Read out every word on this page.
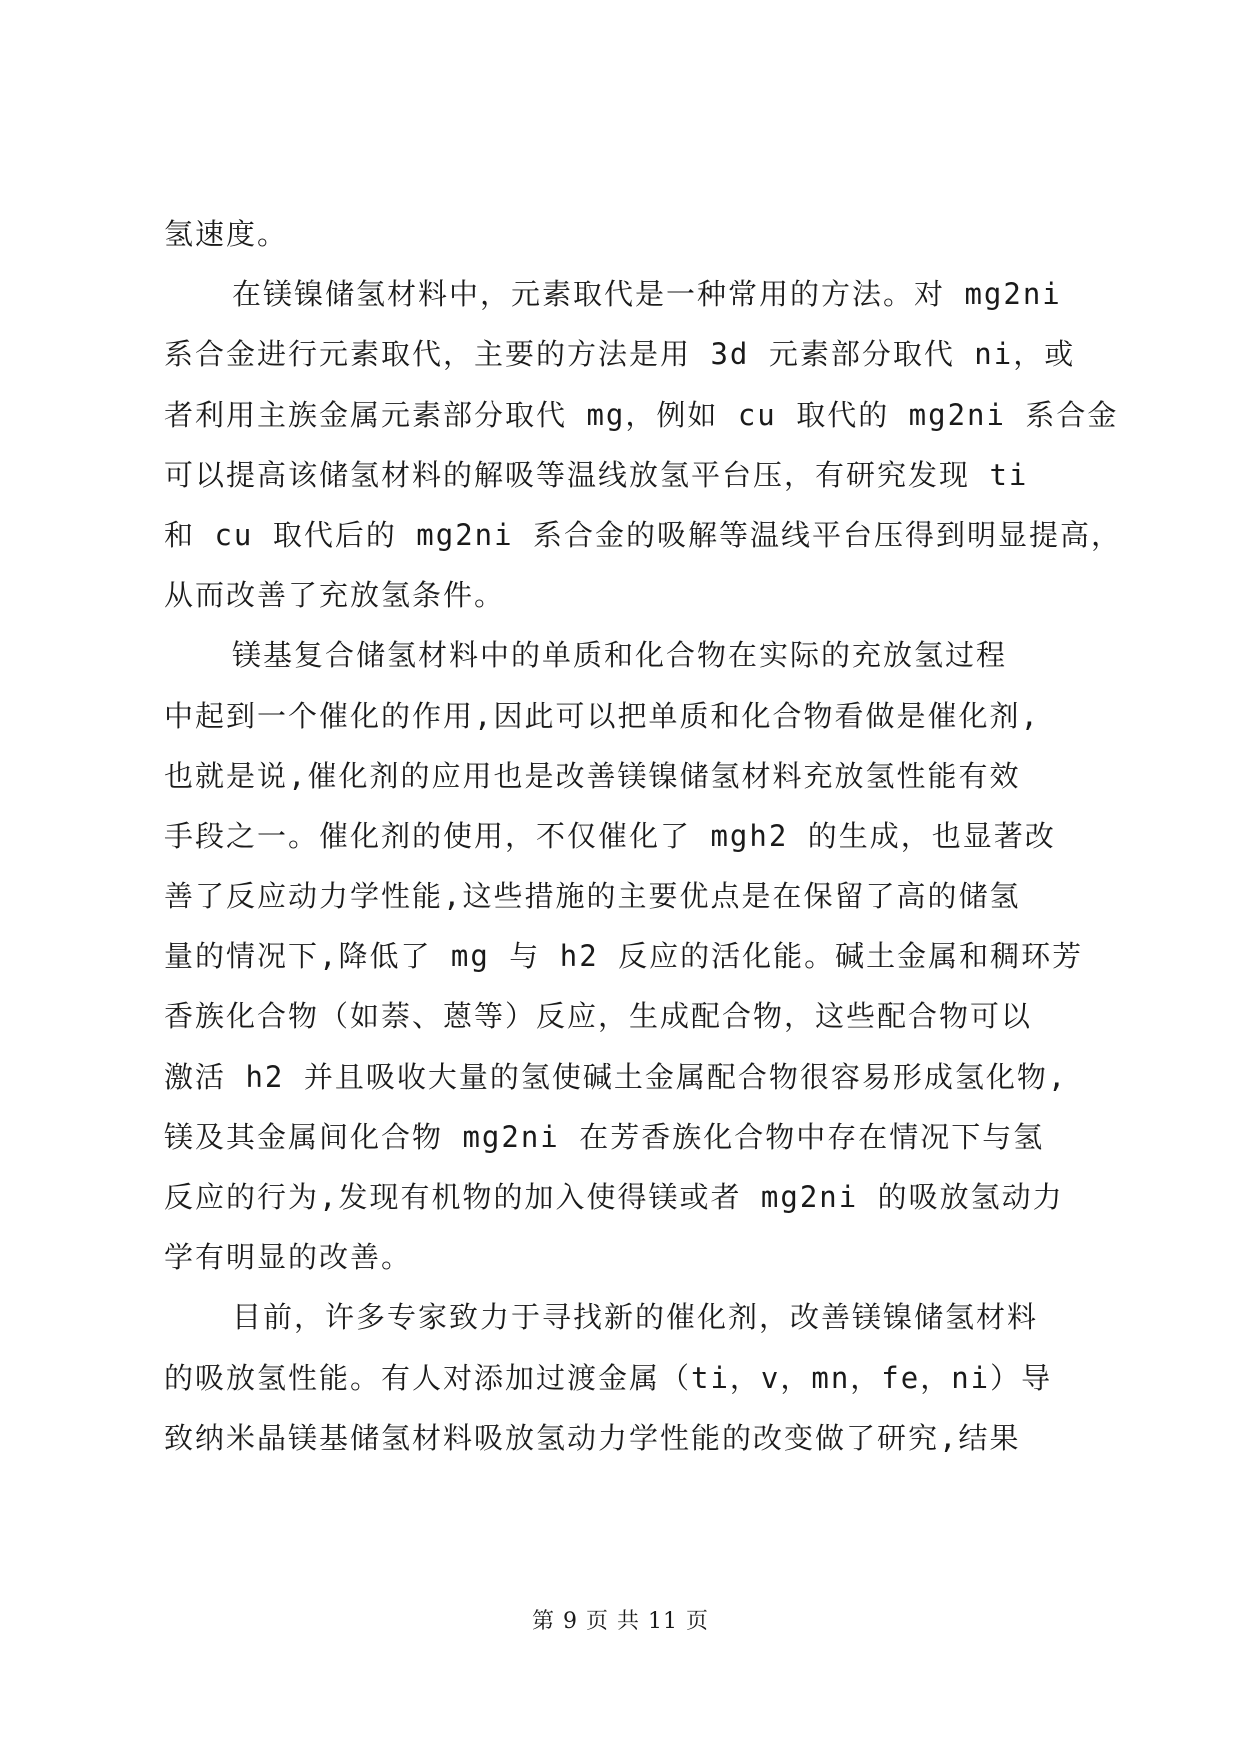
氢速度。
在镁镍储氢材料中，元素取代是一种常用的方法。对 mg2ni
系合金进行元素取代，主要的方法是用 3d 元素部分取代 ni，或
者利用主族金属元素部分取代 mg，例如 cu 取代的 mg2ni 系合金
可以提高该储氢材料的解吸等温线放氢平台压，有研究发现 ti
和 cu 取代后的 mg2ni 系合金的吸解等温线平台压得到明显提高，
从而改善了充放氢条件。
镁基复合储氢材料中的单质和化合物在实际的充放氢过程
中起到一个催化的作用,因此可以把单质和化合物看做是催化剂,
也就是说,催化剂的应用也是改善镁镍储氢材料充放氢性能有效
手段之一。催化剂的使用，不仅催化了 mgh2 的生成，也显著改
善了反应动力学性能,这些措施的主要优点是在保留了高的储氢
量的情况下,降低了 mg 与 h2 反应的活化能。碱土金属和稠环芳
香族化合物（如萘、蒽等）反应，生成配合物，这些配合物可以
激活 h2 并且吸收大量的氢使碱土金属配合物很容易形成氢化物,
镁及其金属间化合物 mg2ni 在芳香族化合物中存在情况下与氢
反应的行为,发现有机物的加入使得镁或者 mg2ni 的吸放氢动力
学有明显的改善。
目前，许多专家致力于寻找新的催化剂，改善镁镍储氢材料
的吸放氢性能。有人对添加过渡金属（ti，v，mn，fe，ni）导
致纳米晶镁基储氢材料吸放氢动力学性能的改变做了研究,结果
第 9 页 共 11 页
